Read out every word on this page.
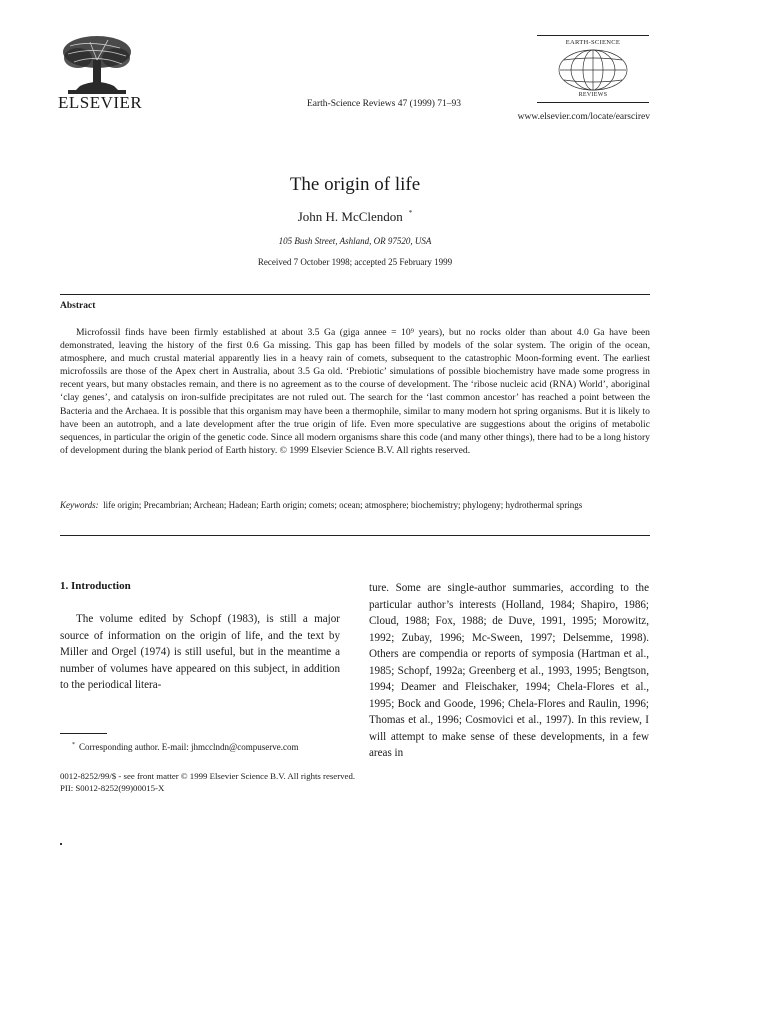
ELSEVIER	Earth-Science Reviews 47 (1999) 71–93
EARTH-SCIENCE
REVIEWS
www.elsevier.com/locate/earscirev
The origin of life
John H. McClendon *
105 Bush Street, Ashland, OR 97520, USA
Received 7 October 1998; accepted 25 February 1999
Abstract

Microfossil finds have been firmly established at about 3.5 Ga (giga annee = 10⁹ years), but no rocks older than about 4.0 Ga have been demonstrated, leaving the history of the first 0.6 Ga missing. This gap has been filled by models of the solar system. The origin of the ocean, atmosphere, and much crustal material apparently lies in a heavy rain of comets, subsequent to the catastrophic Moon-forming event. The earliest microfossils are those of the Apex chert in Australia, about 3.5 Ga old. ‘Prebiotic’ simulations of possible biochemistry have made some progress in recent years, but many obstacles remain, and there is no agreement as to the course of development. The ‘ribose nucleic acid (RNA) World’, aboriginal ‘clay genes’, and catalysis on iron-sulfide precipitates are not ruled out. The search for the ‘last common ancestor’ has reached a point between the Bacteria and the Archaea. It is possible that this organism may have been a thermophile, similar to many modern hot spring organisms. But it is likely to have been an autotroph, and a late development after the true origin of life. Even more speculative are suggestions about the origins of metabolic sequences, in particular the origin of the genetic code. Since all modern organisms share this code (and many other things), there had to be a long history of development during the blank period of Earth history. © 1999 Elsevier Science B.V. All rights reserved.

Keywords: life origin; Precambrian; Archean; Hadean; Earth origin; comets; ocean; atmosphere; biochemistry; phylogeny; hydrothermal springs
1. Introduction
The volume edited by Schopf (1983), is still a major source of information on the origin of life, and the text by Miller and Orgel (1974) is still useful, but in the meantime a number of volumes have appeared on this subject, in addition to the periodical litera-
ture. Some are single-author summaries, according to the particular author’s interests (Holland, 1984; Shapiro, 1986; Cloud, 1988; Fox, 1988; de Duve, 1991, 1995; Morowitz, 1992; Zubay, 1996; Mc-Sween, 1997; Delsemme, 1998). Others are compendia or reports of symposia (Hartman et al., 1985; Schopf, 1992a; Greenberg et al., 1993, 1995; Bengtson, 1994; Deamer and Fleischaker, 1994; Chela-Flores et al., 1995; Bock and Goode, 1996; Chela-Flores and Raulin, 1996; Thomas et al., 1996; Cosmovici et al., 1997). In this review, I will attempt to make sense of these developments, in a few areas in
* Corresponding author. E-mail: jhmcclndn@compuserve.com
0012-8252/99/$ - see front matter © 1999 Elsevier Science B.V. All rights reserved.
PII: S0012-8252(99)00015-X
